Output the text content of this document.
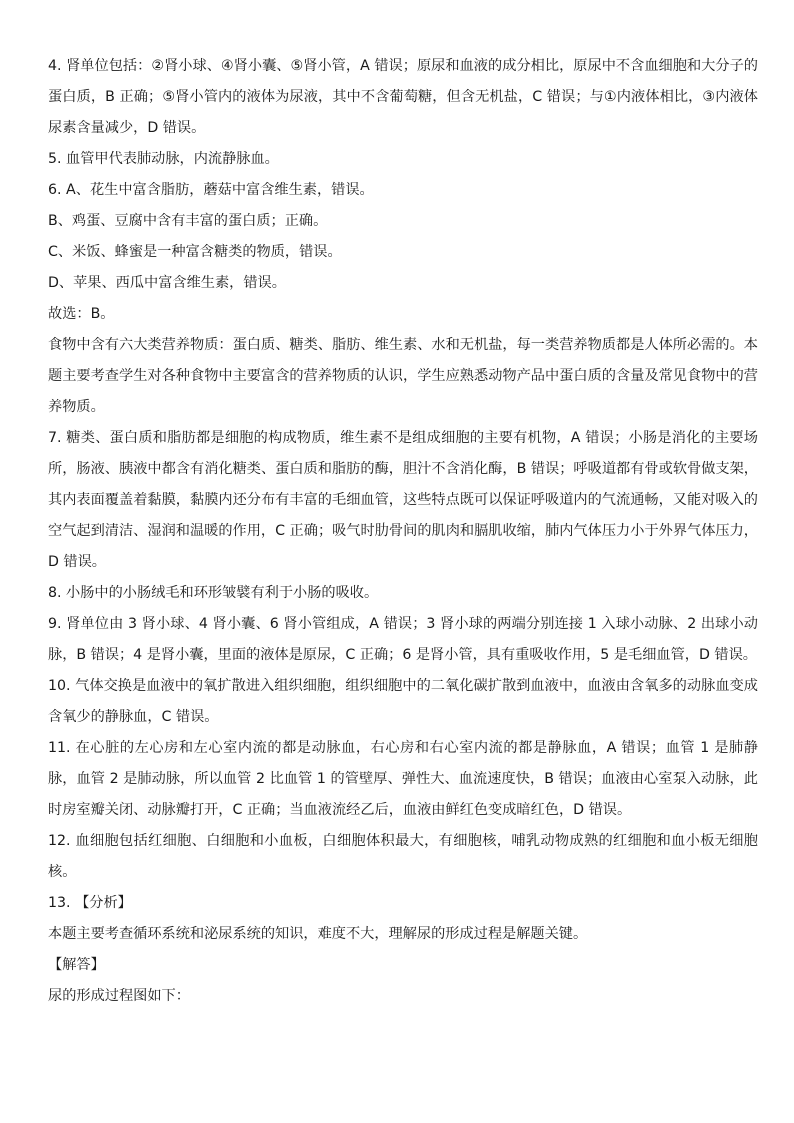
4. 肾单位包括：②肾小球、④肾小囊、⑤肾小管，A 错误；原尿和血液的成分相比，原尿中不含血细胞和大分子的蛋白质，B 正确；⑤肾小管内的液体为尿液，其中不含葡萄糖，但含无机盐，C 错误；与①内液体相比，③内液体尿素含量减少，D 错误。

5. 血管甲代表肺动脉，内流静脉血。

6. A、花生中富含脂肪，蘑菇中富含维生素，错误。

B、鸡蛋、豆腐中含有丰富的蛋白质；正确。

C、米饭、蜂蜜是一种富含糖类的物质，错误。

D、苹果、西瓜中富含维生素，错误。

故选：B。

食物中含有六大类营养物质：蛋白质、糖类、脂肪、维生素、水和无机盐，每一类营养物质都是人体所必需的。本题主要考查学生对各种食物中主要富含的营养物质的认识，学生应熟悉动物产品中蛋白质的含量及常见食物中的营养物质。

7. 糖类、蛋白质和脂肪都是细胞的构成物质，维生素不是组成细胞的主要有机物，A 错误；小肠是消化的主要场所，肠液、胰液中都含有消化糖类、蛋白质和脂肪的酶，胆汁不含消化酶，B 错误；呼吸道都有骨或软骨做支架，其内表面覆盖着黏膜，黏膜内还分布有丰富的毛细血管，这些特点既可以保证呼吸道内的气流通畅，又能对吸入的空气起到清洁、湿润和温暖的作用，C 正确；吸气时肋骨间的肌肉和膈肌收缩，肺内气体压力小于外界气体压力，D 错误。

8. 小肠中的小肠绒毛和环形皱襞有利于小肠的吸收。

9. 肾单位由 3 肾小球、4 肾小囊、6 肾小管组成，A 错误；3 肾小球的两端分别连接 1 入球小动脉、2 出球小动脉，B 错误；4 是肾小囊，里面的液体是原尿，C 正确；6 是肾小管，具有重吸收作用，5 是毛细血管，D 错误。

10. 气体交换是血液中的氧扩散进入组织细胞，组织细胞中的二氧化碳扩散到血液中，血液由含氧多的动脉血变成含氧少的静脉血，C 错误。

11. 在心脏的左心房和左心室内流的都是动脉血，右心房和右心室内流的都是静脉血，A 错误；血管 1 是肺静脉，血管 2 是肺动脉，所以血管 2 比血管 1 的管壁厚、弹性大、血流速度快，B 错误；血液由心室泵入动脉，此时房室瓣关闭、动脉瓣打开，C 正确；当血液流经乙后，血液由鲜红色变成暗红色，D 错误。

12. 血细胞包括红细胞、白细胞和小血板，白细胞体积最大，有细胞核，哺乳动物成熟的红细胞和血小板无细胞核。

13. 【分析】

本题主要考查循环系统和泌尿系统的知识，难度不大，理解尿的形成过程是解题关键。

【解答】

尿的形成过程图如下：
